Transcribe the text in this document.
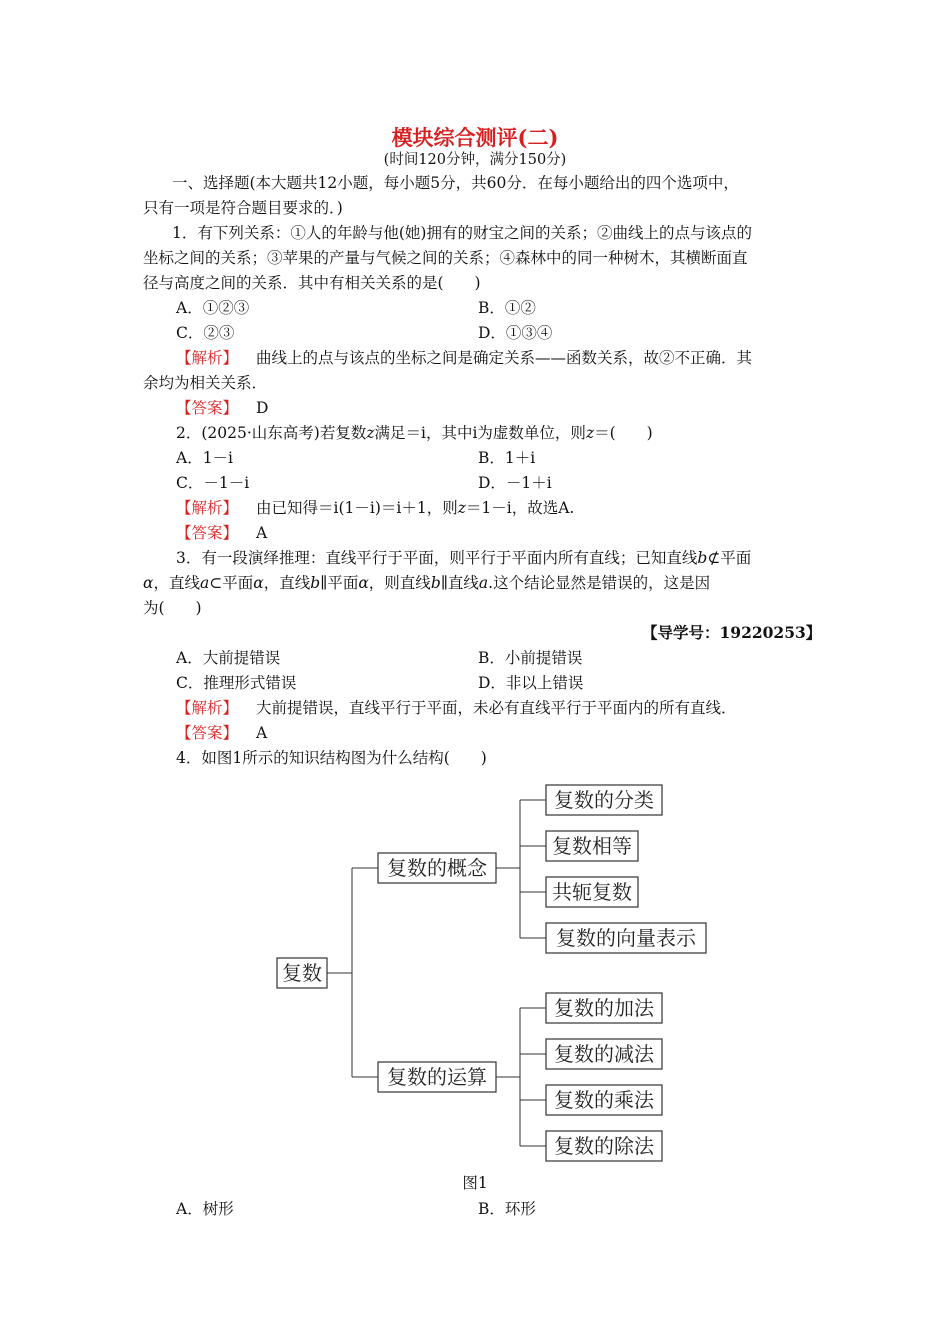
模块综合测评(二)
(时间120分钟，满分150分)
一、选择题(本大题共12小题，每小题5分，共60分．在每小题给出的四个选项中，
只有一项是符合题目要求的．)
1．有下列关系：①人的年龄与他(她)拥有的财宝之间的关系；②曲线上的点与该点的
坐标之间的关系；③苹果的产量与气候之间的关系；④森林中的同一种树木，其横断面直
径与高度之间的关系．其中有相关关系的是(　　)
A．①②③	B．①②
C．②③	D．①③④
【解析】 曲线上的点与该点的坐标之间是确定关系——函数关系，故②不正确．其
余均为相关关系．
【答案】 D
2．(2025·山东高考)若复数z满足＝i，其中i为虚数单位，则z＝(　　)
A．1－i	B．1＋i
C．－1－i	D．－1＋i
【解析】 由已知得＝i(1－i)＝i＋1，则z＝1－i，故选A.
【答案】 A
3．有一段演绎推理：直线平行于平面，则平行于平面内所有直线；已知直线b⊄平面
α，直线a⊂平面α，直线b∥平面α，则直线b∥直线a.这个结论显然是错误的，这是因
为(　　)
【导学号：19220253】
A．大前提错误	B．小前提错误
C．推理形式错误	D．非以上错误
【解析】 大前提错误，直线平行于平面，未必有直线平行于平面内的所有直线．
【答案】 A
4．如图1所示的知识结构图为什么结构(　　)
复数
复数的概念
复数的运算
复数的分类
复数相等
共轭复数
复数的向量表示
复数的加法
复数的减法
复数的乘法
复数的除法
图1
A．树形	B．环形
